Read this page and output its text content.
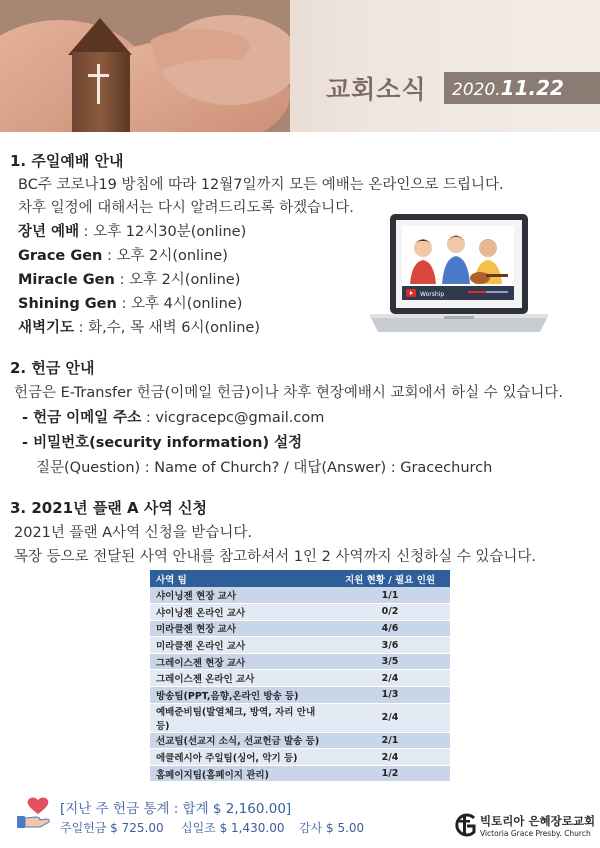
교회소식 2020.11.22
1. 주일예배 안내
BC주 코로나19 방침에 따라 12월7일까지 모든 예배는 온라인으로 드립니다.
차후 일정에 대해서는 다시 알려드리도록 하겠습니다.
장년 예배 : 오후 12시30분(online)
Grace Gen : 오후 2시(online)
Miracle Gen : 오후 2시(online)
Shining Gen : 오후 4시(online)
새벽기도 : 화,수, 목 새벽 6시(online)
Worship
2. 헌금 안내
헌금은 E-Transfer 헌금(이메일 헌금)이나 차후 현장예배시 교회에서 하실 수 있습니다.
- 헌금 이메일 주소 : vicgracepc@gmail.com
- 비밀번호(security information) 설정
질문(Question) : Name of Church? / 대답(Answer) : Gracechurch
3. 2021년 플랜 A 사역 신청
2021년 플랜 A사역 신청을 받습니다.
목장 등으로 전달된 사역 안내를 참고하셔서 1인 2 사역까지 신청하실 수 있습니다.
사역 팀	지원 현황 / 필요 인원
샤이닝젠 현장 교사	1/1
샤이닝젠 온라인 교사	0/2
미라클젠 현장 교사	4/6
미라클젠 온라인 교사	3/6
그레이스젠 현장 교사	3/5
그레이스젠 온라인 교사	2/4
방송팀(PPT,음향,온라인 방송 등)	1/3
예배준비팀(발열체크, 방역, 자리 안내 등)	2/4
선교팀(선교지 소식, 선교헌금 발송 등)	2/1
에클레시아 주일팀(싱어, 악기 등)	2/4
홈페이지팀(홈페이지 관리)	1/2
[지난 주 헌금 통계 : 합계 $ 2,160.00]
주일헌금 $ 725.00 십일조 $ 1,430.00 감사 $ 5.00	빅토리아 은혜장로교회
Victoria Grace Presby. Church
